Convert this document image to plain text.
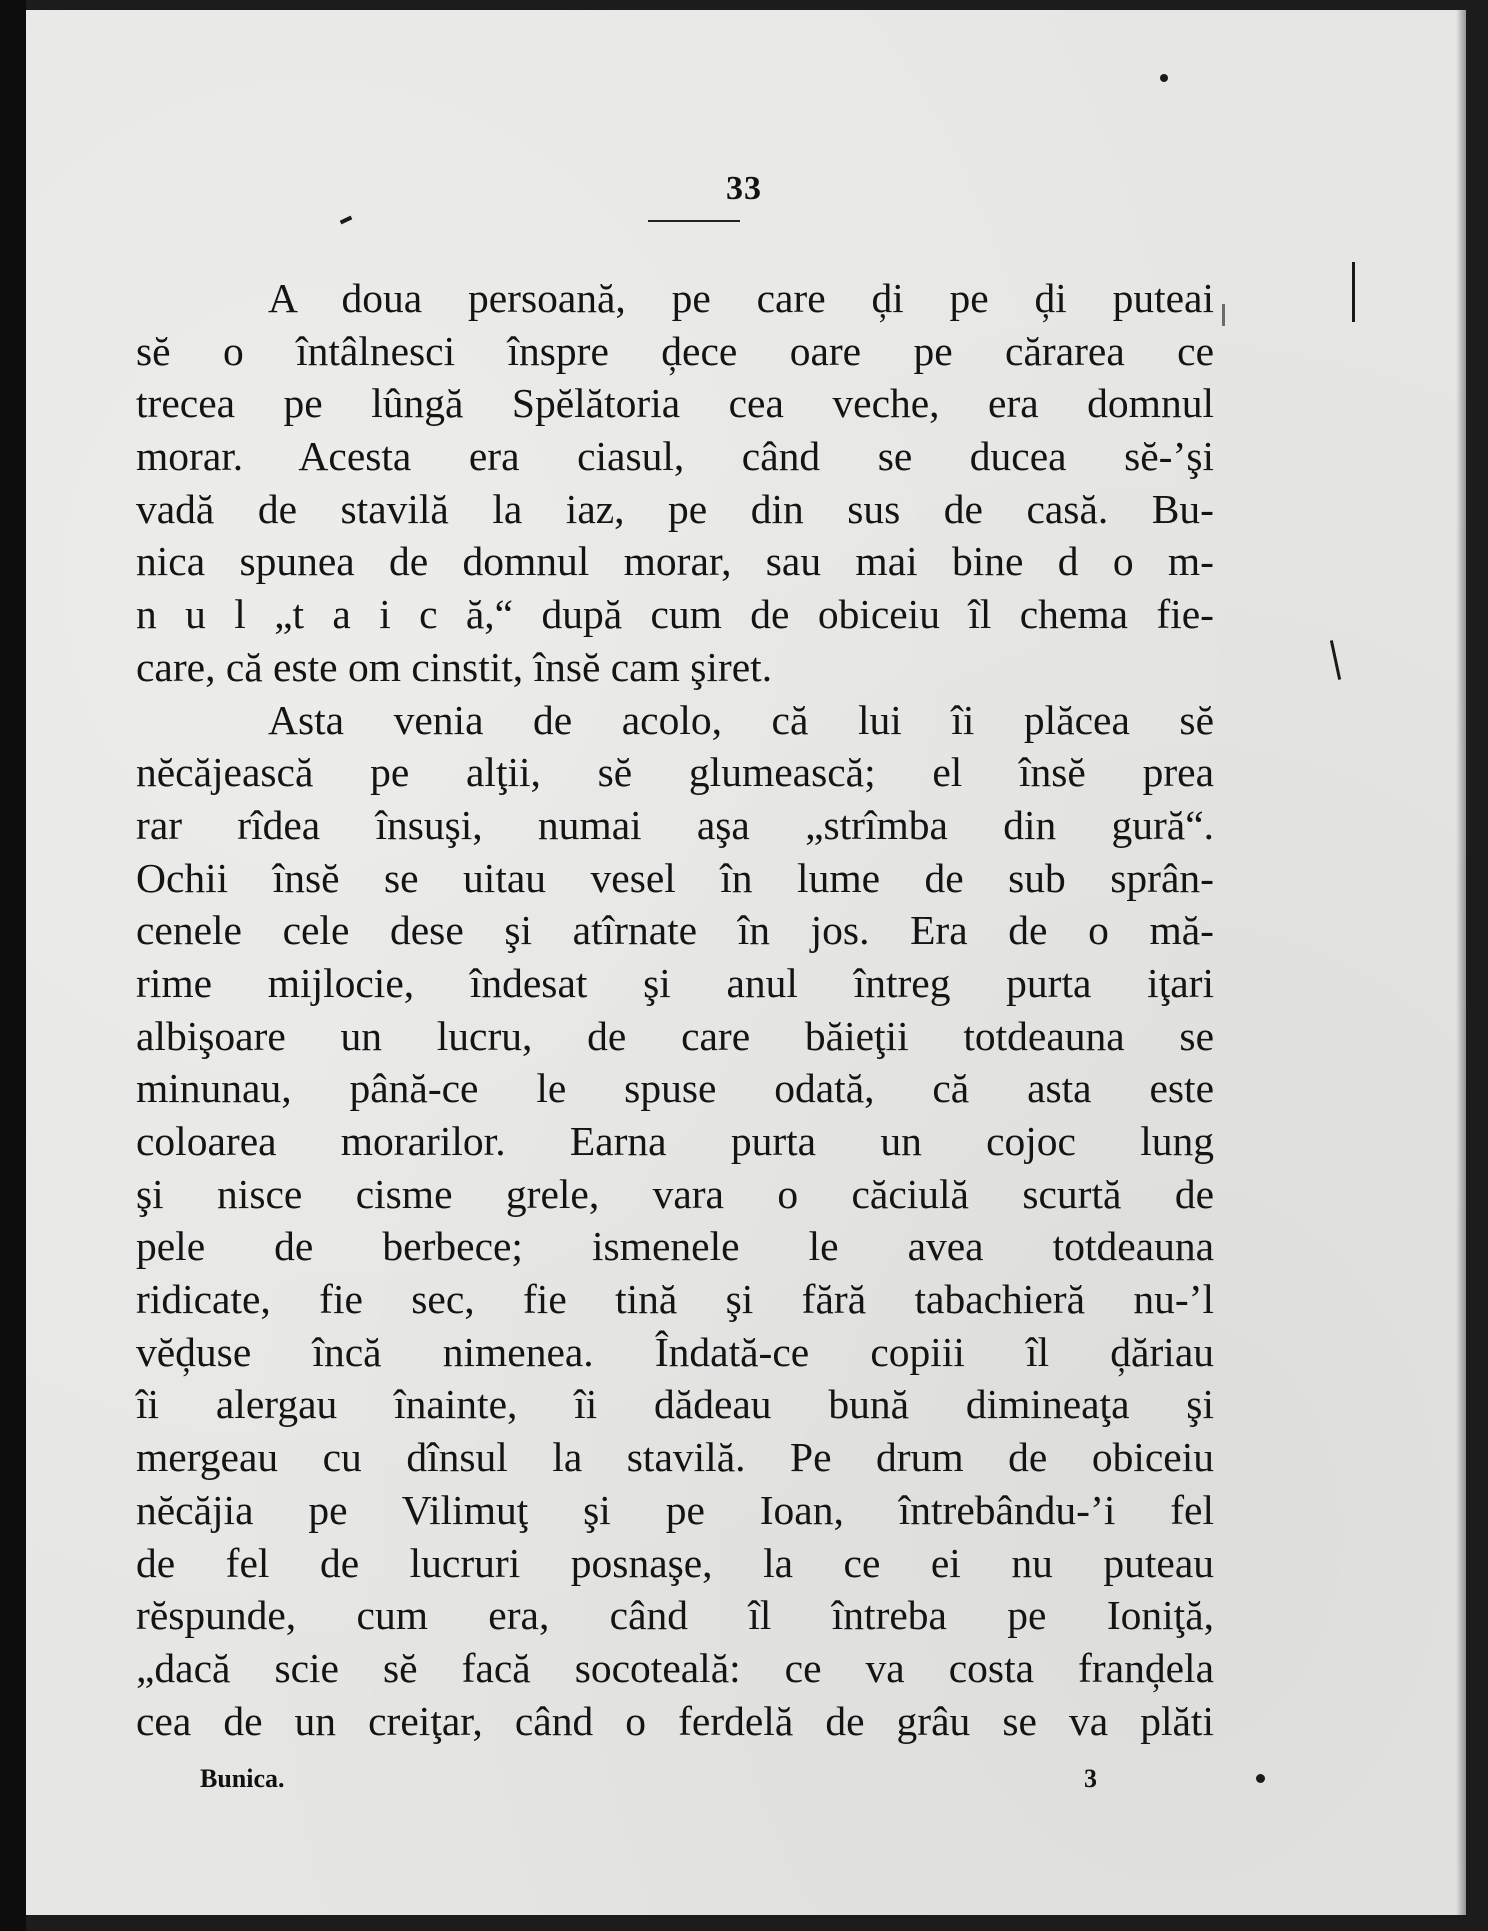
33
A doua persoană, pe care ḑi pe ḑi puteai
sĕ o întâlnesci înspre ḑece oare pe cărarea ce
trecea pe lûngă Spĕlătoria cea veche, era domnul
morar. Acesta era ciasul, când se ducea sĕ-’şi
vadă de stavilă la iaz, pe din sus de casă. Bu-
nica spunea de domnul morar, sau mai bine d o m-
n u l „t a i c ă,“ după cum de obiceiu îl chema fie-
care, că este om cinstit, însĕ cam şiret.
Asta venia de acolo, că lui îi plăcea sĕ
nĕcăjească pe alţii, sĕ glumească; el însĕ prea
rar rîdea însuşi, numai aşa „strîmba din gură“.
Ochii însĕ se uitau vesel în lume de sub sprân-
cenele cele dese şi atîrnate în jos. Era de o mă-
rime mijlocie, îndesat şi anul întreg purta iţari
albişoare un lucru, de care băieţii totdeauna se
minunau, până-ce le spuse odată, că asta este
coloarea morarilor. Earna purta un cojoc lung
şi nisce cisme grele, vara o căciulă scurtă de
pele de berbece; ismenele le avea totdeauna
ridicate, fie sec, fie tină şi fără tabachieră nu-’l
vĕḑuse încă nimenea. Îndată-ce copiii îl ḑăriau
îi alergau înainte, îi dădeau bună dimineaţa şi
mergeau cu dînsul la stavilă. Pe drum de obiceiu
nĕcăjia pe Vilimuţ şi pe Ioan, întrebându-’i fel
de fel de lucruri posnaşe, la ce ei nu puteau
rĕspunde, cum era, când îl întreba pe Ioniţă,
„dacă scie sĕ facă socoteală: ce va costa franḑela
cea de un creiţar, când o ferdelă de grâu se va plăti
Bunica.	3
